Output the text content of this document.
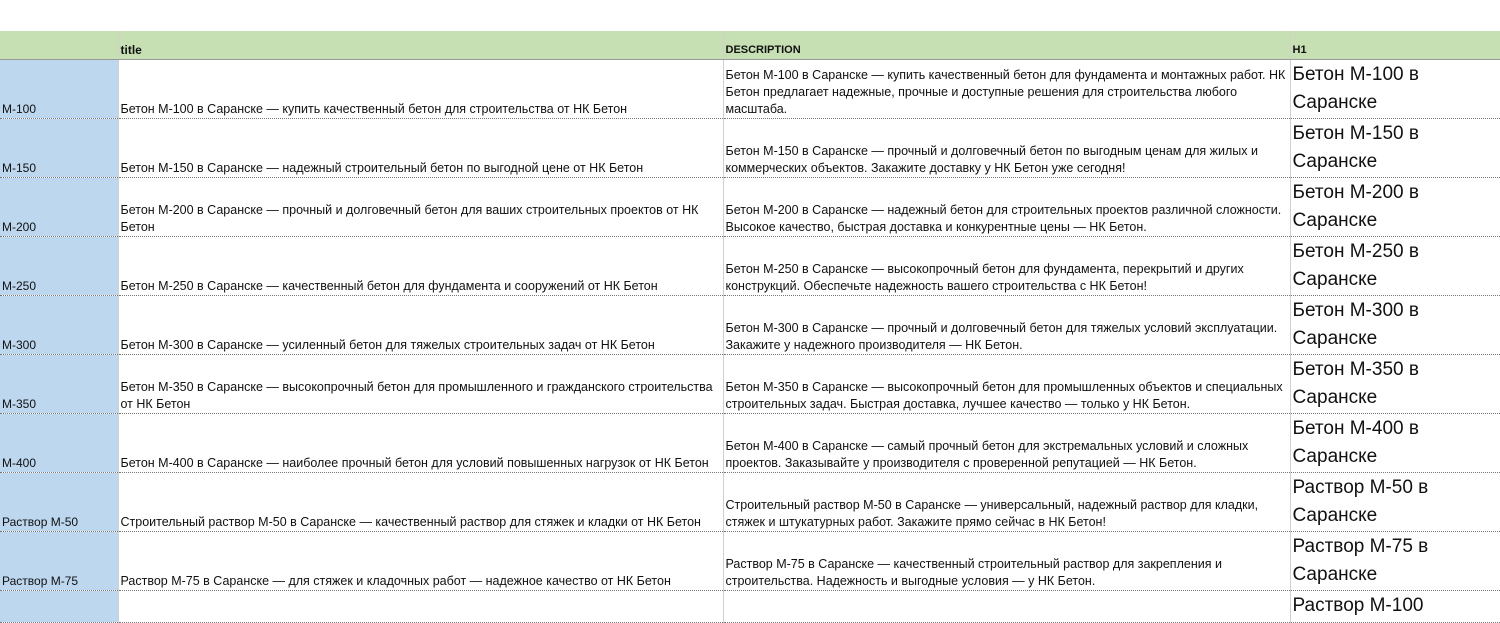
	title	DESCRIPTION	H1
M-100	Бетон М-100 в Саранске — купить качественный бетон для строительства от НК Бетон	Бетон М-100 в Саранске — купить качественный бетон для фундамента и монтажных работ. НК Бетон предлагает надежные, прочные и доступные решения для строительства любого масштаба.	Бетон М-100 в Саранске
M-150	Бетон М-150 в Саранске — надежный строительный бетон по выгодной цене от НК Бетон	Бетон М-150 в Саранске — прочный и долговечный бетон по выгодным ценам для жилых и коммерческих объектов. Закажите доставку у НК Бетон уже сегодня!	Бетон М-150 в Саранске
M-200	Бетон М-200 в Саранске — прочный и долговечный бетон для ваших строительных проектов от НК Бетон	Бетон М-200 в Саранске — надежный бетон для строительных проектов различной сложности. Высокое качество, быстрая доставка и конкурентные цены — НК Бетон.	Бетон М-200 в Саранске
M-250	Бетон М-250 в Саранске — качественный бетон для фундамента и сооружений от НК Бетон	Бетон М-250 в Саранске — высокопрочный бетон для фундамента, перекрытий и других конструкций. Обеспечьте надежность вашего строительства с НК Бетон!	Бетон М-250 в Саранске
M-300	Бетон М-300 в Саранске — усиленный бетон для тяжелых строительных задач от НК Бетон	Бетон М-300 в Саранске — прочный и долговечный бетон для тяжелых условий эксплуатации. Закажите у надежного производителя — НК Бетон.	Бетон М-300 в Саранске
M-350	Бетон М-350 в Саранске — высокопрочный бетон для промышленного и гражданского строительства от НК Бетон	Бетон М-350 в Саранске — высокопрочный бетон для промышленных объектов и специальных строительных задач. Быстрая доставка, лучшее качество — только у НК Бетон.	Бетон М-350 в Саранске
M-400	Бетон М-400 в Саранске — наиболее прочный бетон для условий повышенных нагрузок от НК Бетон	Бетон М-400 в Саранске — самый прочный бетон для экстремальных условий и сложных проектов. Заказывайте у производителя с проверенной репутацией — НК Бетон.	Бетон М-400 в Саранске
Раствор М-50	Строительный раствор М-50 в Саранске — качественный раствор для стяжек и кладки от НК Бетон	Строительный раствор М-50 в Саранске — универсальный, надежный раствор для кладки, стяжек и штукатурных работ. Закажите прямо сейчас в НК Бетон!	Раствор М-50 в Саранске
Раствор М-75	Раствор М-75 в Саранске — для стяжек и кладочных работ — надежное качество от НК Бетон	Раствор М-75 в Саранске — качественный строительный раствор для закрепления и строительства. Надежность и выгодные условия — у НК Бетон.	Раствор М-75 в Саранске
			Раствор М-100
